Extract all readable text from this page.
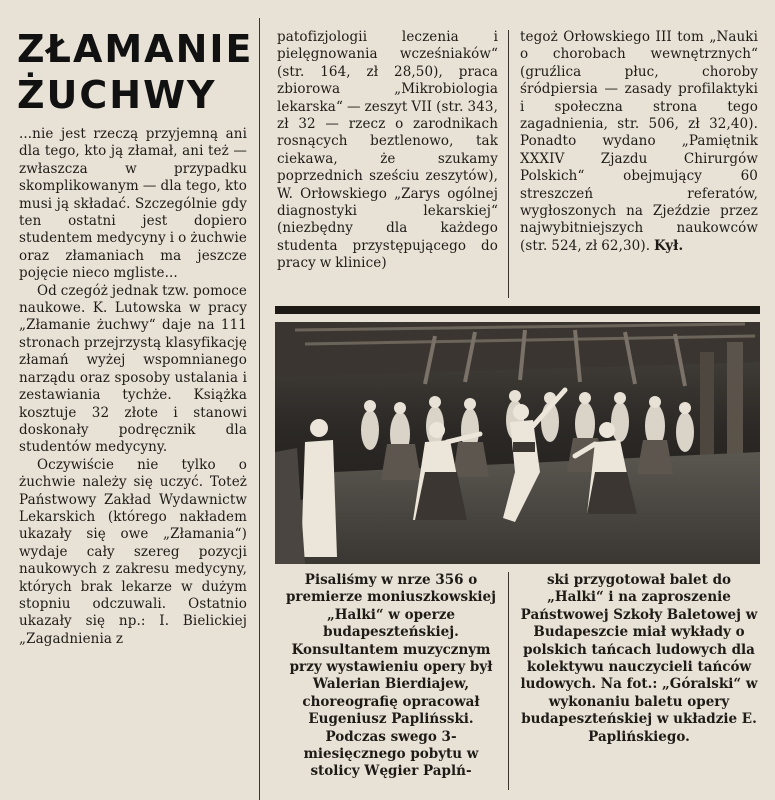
ZŁAMANIE
ŻUCHWY

...nie jest rzeczą przyjemną ani dla tego, kto ją złamał, ani też — zwłaszcza w przypadku skomplikowanym — dla tego, kto musi ją składać. Szczególnie gdy ten ostatni jest dopiero studentem medycyny i o żuchwie oraz złamaniach ma jeszcze pojęcie nieco mgliste...

Od czegóż jednak tzw. pomoce naukowe. K. Lutowska w pracy „Złamanie żuchwy“ daje na 111 stronach przejrzystą klasyfikację złamań wyżej wspomnianego narządu oraz sposoby ustalania i zestawiania tychże. Książka kosztuje 32 złote i stanowi doskonały podręcznik dla studentów medycyny.

Oczywiście nie tylko o żuchwie należy się uczyć. Toteż Państwowy Zakład Wydawnictw Lekarskich (którego nakładem ukazały się owe „Złamania“) wydaje cały szereg pozycji naukowych z zakresu medycyny, których brak lekarze w dużym stopniu odczuwali. Ostatnio ukazały się np.: I. Bielickiej „Zagadnienia z

patofizjologii leczenia i pielęgnowania wcześniaków“ (str. 164, zł 28,50), praca zbiorowa „Mikrobiologia lekarska“ — zeszyt VII (str. 343, zł 32 — rzecz o zarodnikach rosnących beztlenowo, tak ciekawa, że szukamy poprzednich sześciu zeszytów), W. Orłowskiego „Zarys ogólnej diagnostyki lekarskiej“ (niezbędny dla każdego studenta przystępującego do pracy w klinice)

tegoż Orłowskiego III tom „Nauki o chorobach wewnętrznych“ (gruźlica płuc, choroby śródpiersia — zasady profilaktyki i społeczna strona tego zagadnienia, str. 506, zł 32,40). Ponadto wydano „Pamiętnik XXXIV Zjazdu Chirurgów Polskich“ obejmujący 60 streszczeń referatów, wygłoszonych na Zjeździe przez najwybitniejszych naukowców (str. 524, zł 62,30). Kył.

Pisaliśmy w nrze 356 o premierze moniuszkowskiej „Halki“ w operze budapeszteńskiej. Konsultantem muzycznym przy wystawieniu opery był Walerian Bierdiajew, choreografię opracował Eugeniusz Paplińsski. Podczas swego 3-miesięcznego pobytu w stolicy Węgier Paplń-

ski przygotował balet do „Halki“ i na zaproszenie Państwowej Szkoły Baletowej w Budapeszcie miał wykłady o polskich tańcach ludowych dla kolektywu nauczycieli tańców ludowych. Na fot.: „Góralski“ w wykonaniu baletu opery budapeszteńskiej w układzie E. Paplińskiego.
